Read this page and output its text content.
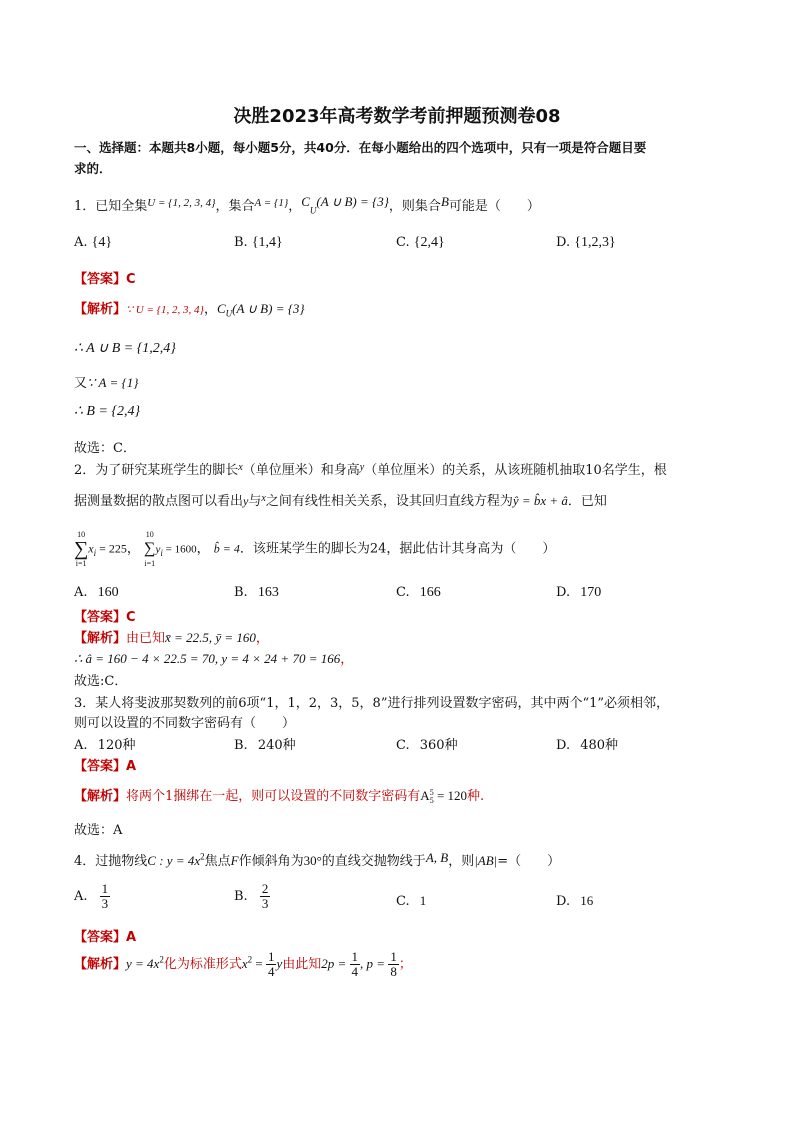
决胜2023年高考数学考前押题预测卷08
一、选择题：本题共8小题，每小题5分，共40分．在每小题给出的四个选项中，只有一项是符合题目要
求的．
1．已知全集$^{U = \{1, 2, 3, 4\}}$，集合$^{A = \{1\}}$，$C_U(A$ ∪ B) = {3}，则集合B可能是（　　）
A. {4}	B. {1,4}	C. {2,4}	D. {1,2,3}
【答案】C
【解析】∵ U = {1, 2, 3, 4}，$C_U(A$ ∪ B) = {3}
∴ A ∪ B = {1,2,4}
又∵ A = {1}
∴ B = {2,4}
故选：C．
2．为了研究某班学生的脚长$^x$（单位厘米）和身高$^y$（单位厘米）的关系，从该班随机抽取10名学生，根
据测量数据的散点图可以看出y与$^x$之间有线性相关关系，设其回归直线方程为ŷ = b̂x + â．已知
10
∑
i=1
$x_i = 225$，
10
∑
i=1
$y_i = 1600$， b̂ = 4．该班某学生的脚长为24，据此估计其身高为（　　）
A. 160	B. 163	C. 166	D. 170
【答案】C
【解析】由已知x̄ = 22.5, ȳ = 160，
∴ â = 160 − 4 × 22.5 = 70, y = 4 × 24 + 70 = 166，
故选:C．
3．某人将斐波那契数列的前6项“1，1，2，3，5，8”进行排列设置数字密码，其中两个“1”必须相邻，
则可以设置的不同数字密码有（　　）
A. 120种	B. 240种	C. 360种	D. 480种
【答案】A
【解析】将两个1捆绑在一起，则可以设置的不同数字密码有A 5
5 = 120种.
故选：A
4．过抛物线C : $y = 4x^2$焦点F作倾斜角为30°的直线交抛物线于A, B，则|AB|=（　　）
A. $\frac{1}{3}$	B. $\frac{2}{3}$	C. 1	D. 16
【答案】A
【解析】$y = 4x^2$化为标准形式$x^2 = \frac{1}{4}$ y由此知$2p = \frac{1}{4}$ , $p = \frac{1}{8}$ ；
